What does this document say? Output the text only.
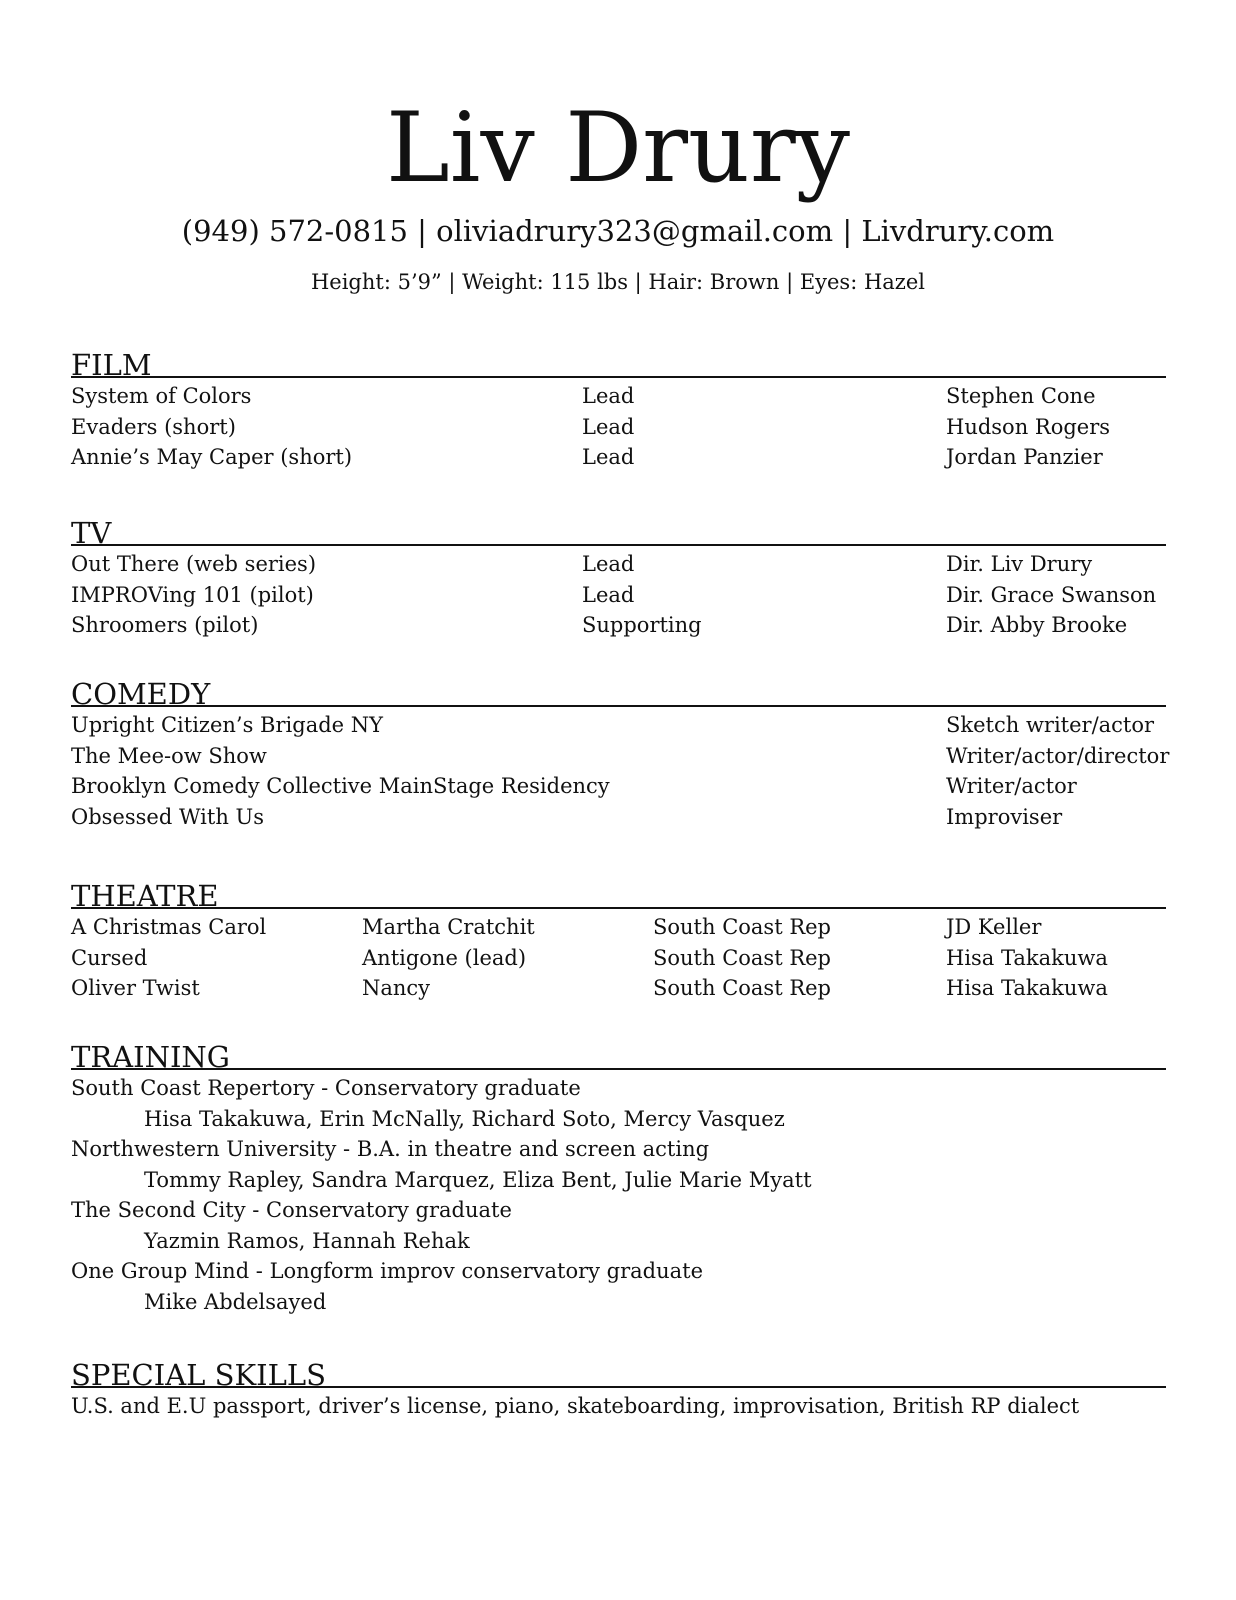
Liv Drury
(949) 572-0815 | oliviadrury323@gmail.com | Livdrury.com
Height: 5’9” | Weight: 115 lbs | Hair: Brown | Eyes: Hazel
FILM
System of Colors	Lead	Stephen Cone
Evaders (short)	Lead	Hudson Rogers
Annie’s May Caper (short)	Lead	Jordan Panzier
TV
Out There (web series)	Lead	Dir. Liv Drury
IMPROVing 101 (pilot)	Lead	Dir. Grace Swanson
Shroomers (pilot)	Supporting	Dir. Abby Brooke
COMEDY
Upright Citizen’s Brigade NY	Sketch writer/actor
The Mee-ow Show	Writer/actor/director
Brooklyn Comedy Collective MainStage Residency	Writer/actor
Obsessed With Us	Improviser
THEATRE
A Christmas Carol	Martha Cratchit	South Coast Rep	JD Keller
Cursed	Antigone (lead)	South Coast Rep	Hisa Takakuwa
Oliver Twist	Nancy	South Coast Rep	Hisa Takakuwa
TRAINING
South Coast Repertory - Conservatory graduate
Hisa Takakuwa, Erin McNally, Richard Soto, Mercy Vasquez
Northwestern University - B.A. in theatre and screen acting
Tommy Rapley, Sandra Marquez, Eliza Bent, Julie Marie Myatt
The Second City - Conservatory graduate
Yazmin Ramos, Hannah Rehak
One Group Mind - Longform improv conservatory graduate
Mike Abdelsayed
SPECIAL SKILLS
U.S. and E.U passport, driver’s license, piano, skateboarding, improvisation, British RP dialect
